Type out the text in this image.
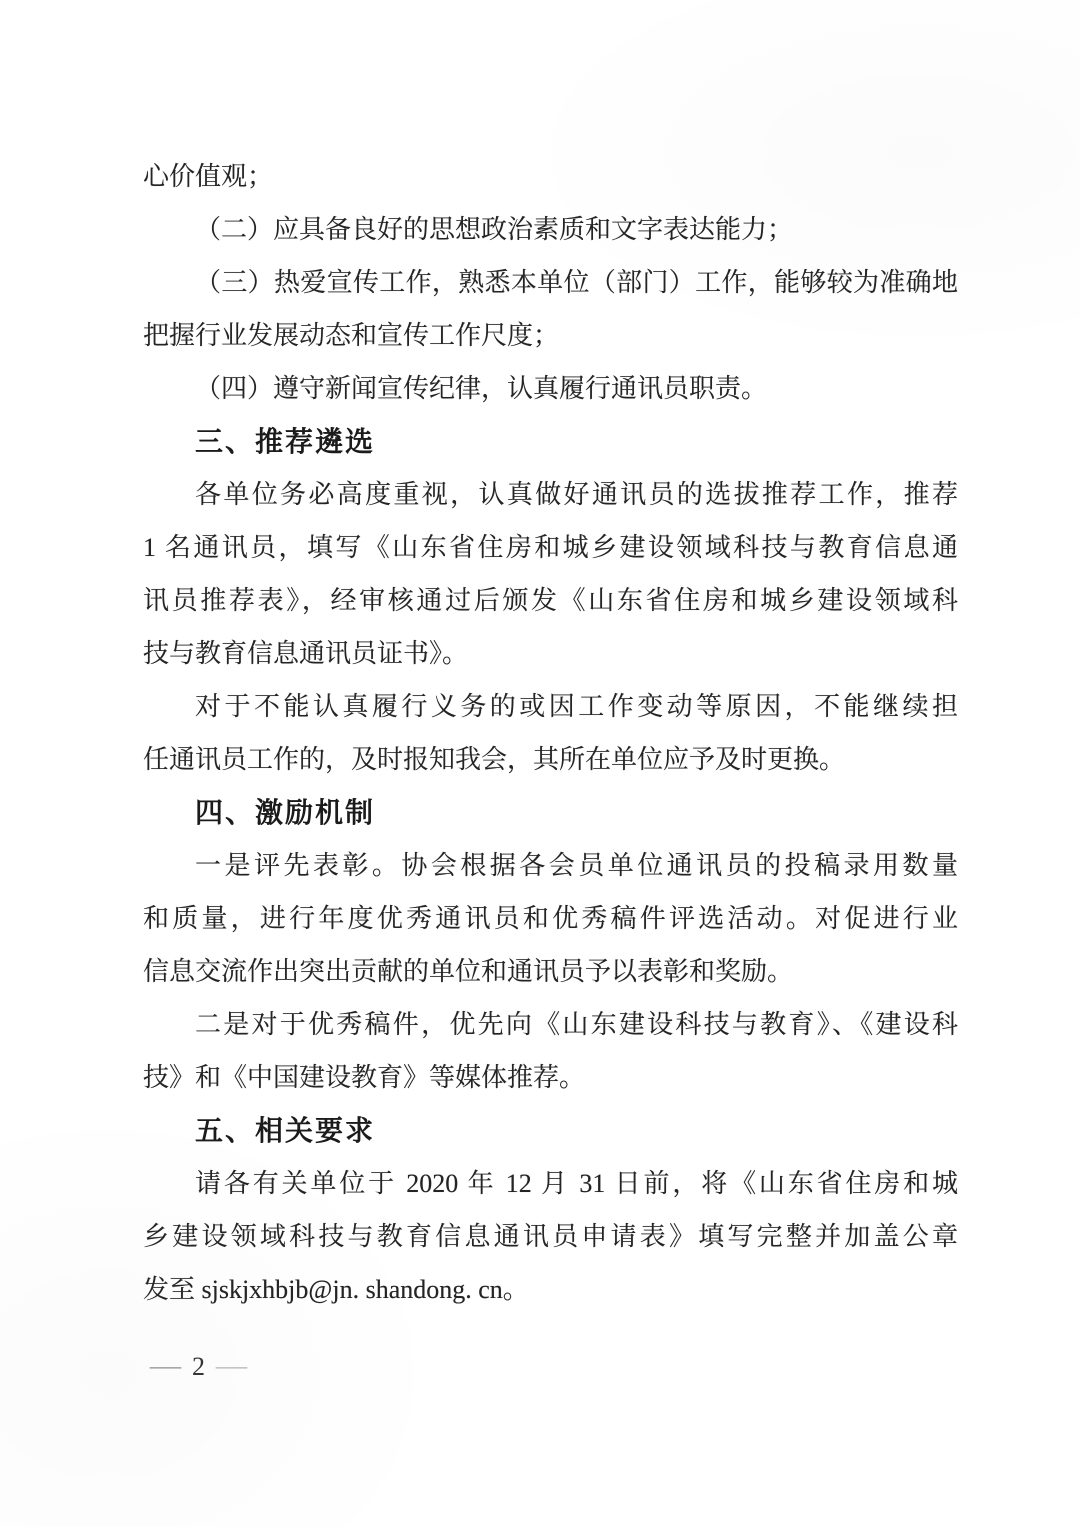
心价值观；
（二）应具备良好的思想政治素质和文字表达能力；
（三）热爱宣传工作，熟悉本单位（部门）工作，能够较为准确地
把握行业发展动态和宣传工作尺度；
（四）遵守新闻宣传纪律，认真履行通讯员职责。
三、推荐遴选
各单位务必高度重视，认真做好通讯员的选拔推荐工作，推荐
1 名通讯员，填写《山东省住房和城乡建设领域科技与教育信息通
讯员推荐表》，经审核通过后颁发《山东省住房和城乡建设领域科
技与教育信息通讯员证书》。
对于不能认真履行义务的或因工作变动等原因，不能继续担
任通讯员工作的，及时报知我会，其所在单位应予及时更换。
四、激励机制
一是评先表彰。协会根据各会员单位通讯员的投稿录用数量
和质量，进行年度优秀通讯员和优秀稿件评选活动。对促进行业
信息交流作出突出贡献的单位和通讯员予以表彰和奖励。
二是对于优秀稿件，优先向《山东建设科技与教育》、《建设科
技》和《中国建设教育》等媒体推荐。
五、相关要求
请各有关单位于 2020 年 12 月 31 日前，将《山东省住房和城
乡建设领域科技与教育信息通讯员申请表》填写完整并加盖公章
发至 sjskjxhbjb@jn. shandong. cn。
— 2 —
